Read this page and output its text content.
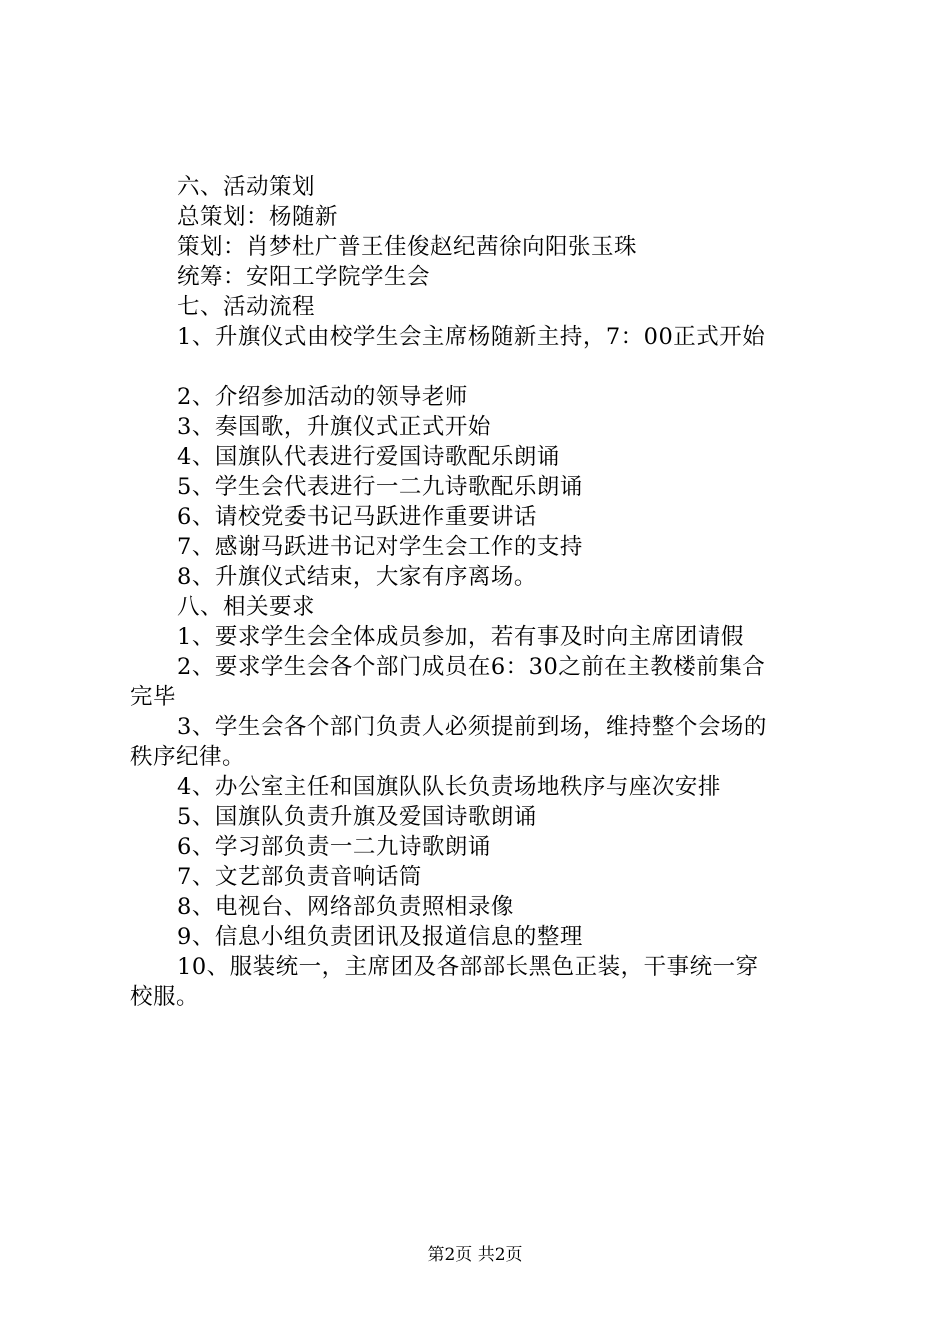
六、活动策划
总策划：杨随新
策划：肖梦杜广普王佳俊赵纪茜徐向阳张玉珠
统筹：安阳工学院学生会
七、活动流程
1、升旗仪式由校学生会主席杨随新主持，7：00正式开始
2、介绍参加活动的领导老师
3、奏国歌，升旗仪式正式开始
4、国旗队代表进行爱国诗歌配乐朗诵
5、学生会代表进行一二九诗歌配乐朗诵
6、请校党委书记马跃进作重要讲话
7、感谢马跃进书记对学生会工作的支持
8、升旗仪式结束，大家有序离场。
八、相关要求
1、要求学生会全体成员参加，若有事及时向主席团请假
2、要求学生会各个部门成员在6：30之前在主教楼前集合
完毕
3、学生会各个部门负责人必须提前到场，维持整个会场的
秩序纪律。
4、办公室主任和国旗队队长负责场地秩序与座次安排
5、国旗队负责升旗及爱国诗歌朗诵
6、学习部负责一二九诗歌朗诵
7、文艺部负责音响话筒
8、电视台、网络部负责照相录像
9、信息小组负责团讯及报道信息的整理
10、服装统一，主席团及各部部长黑色正装，干事统一穿
校服。
第2页 共2页
